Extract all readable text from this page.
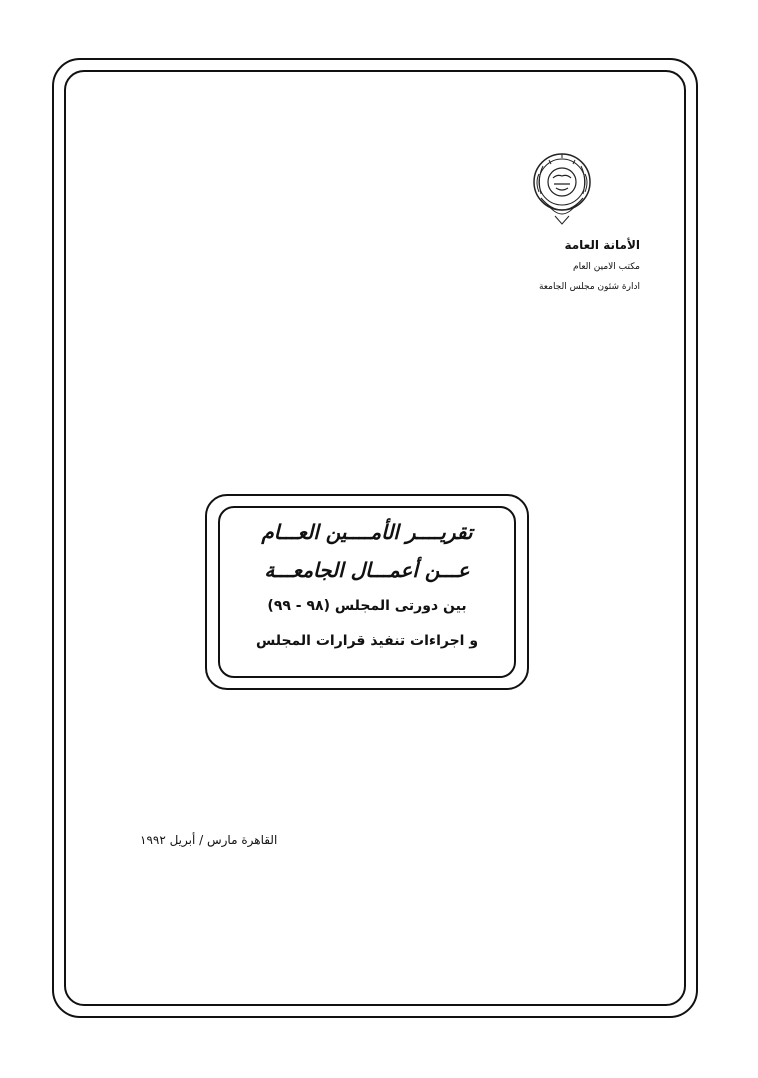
الأمانة العامة
مكتب الامين العام
ادارة شئون مجلس الجامعة
تقريــــر الأمــــين العـــام
عـــن أعمـــال الجامعـــة
بين دورتى المجلس (٩٨ - ٩٩)
و اجراءات تنفيذ قرارات المجلس
القاهرة مارس / أبريل ١٩٩٢
